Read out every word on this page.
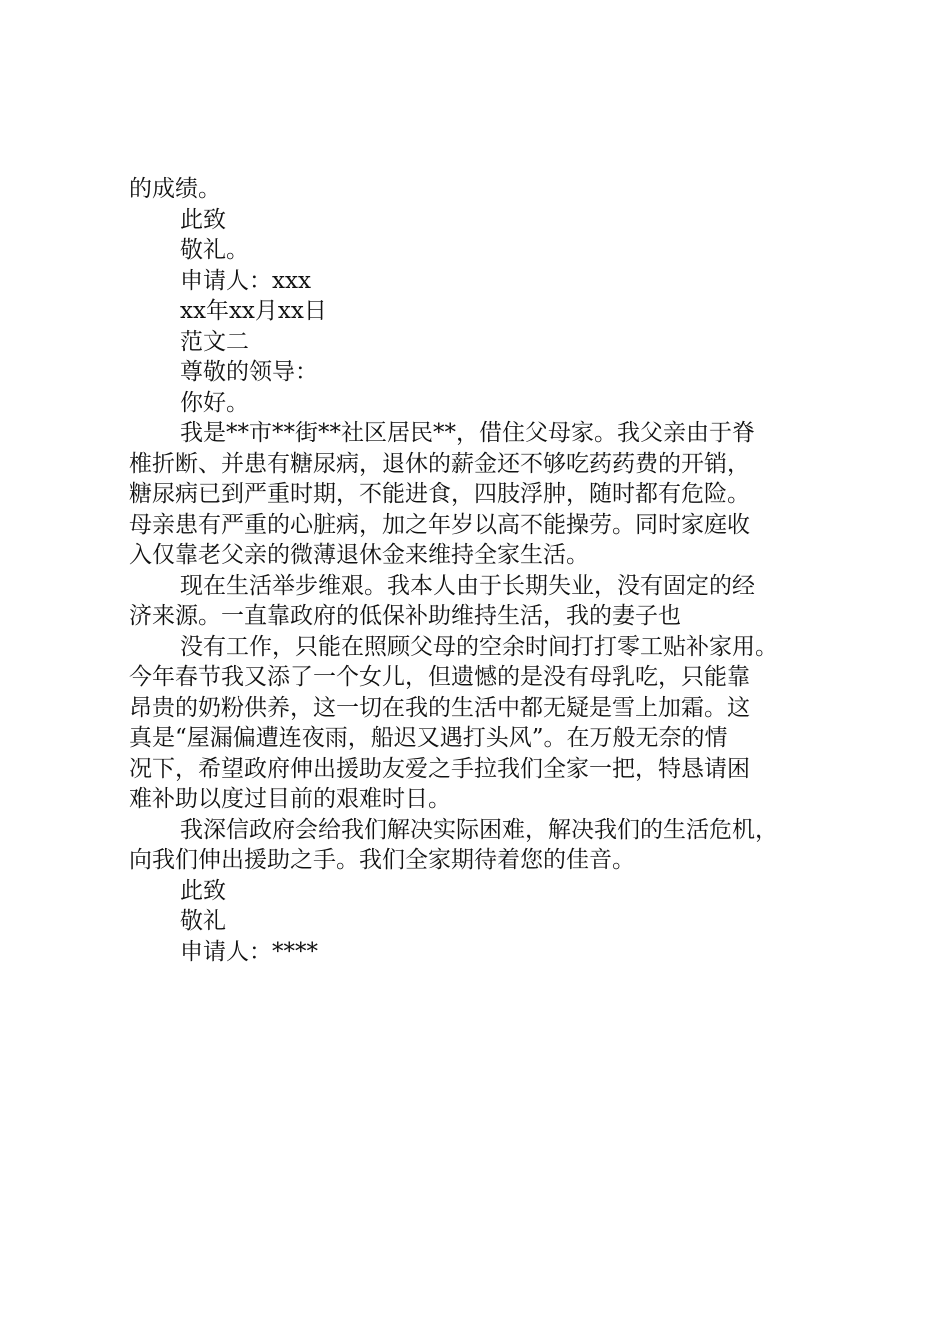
的成绩。
此致
敬礼。
申请人：xxx
xx年xx月xx日
范文二
尊敬的领导：
你好。
我是**市**街**社区居民**，借住父母家。我父亲由于脊
椎折断、并患有糖尿病，退休的薪金还不够吃药药费的开销，
糖尿病已到严重时期，不能进食，四肢浮肿，随时都有危险。
母亲患有严重的心脏病，加之年岁以高不能操劳。同时家庭收
入仅靠老父亲的微薄退休金来维持全家生活。
现在生活举步维艰。我本人由于长期失业，没有固定的经
济来源。一直靠政府的低保补助维持生活，我的妻子也
没有工作，只能在照顾父母的空余时间打打零工贴补家用。
今年春节我又添了一个女儿，但遗憾的是没有母乳吃，只能靠
昂贵的奶粉供养，这一切在我的生活中都无疑是雪上加霜。这
真是“屋漏偏遭连夜雨，船迟又遇打头风”。在万般无奈的情
况下，希望政府伸出援助友爱之手拉我们全家一把，特恳请困
难补助以度过目前的艰难时日。
我深信政府会给我们解决实际困难，解决我们的生活危机，
向我们伸出援助之手。我们全家期待着您的佳音。
此致
敬礼
申请人：****
